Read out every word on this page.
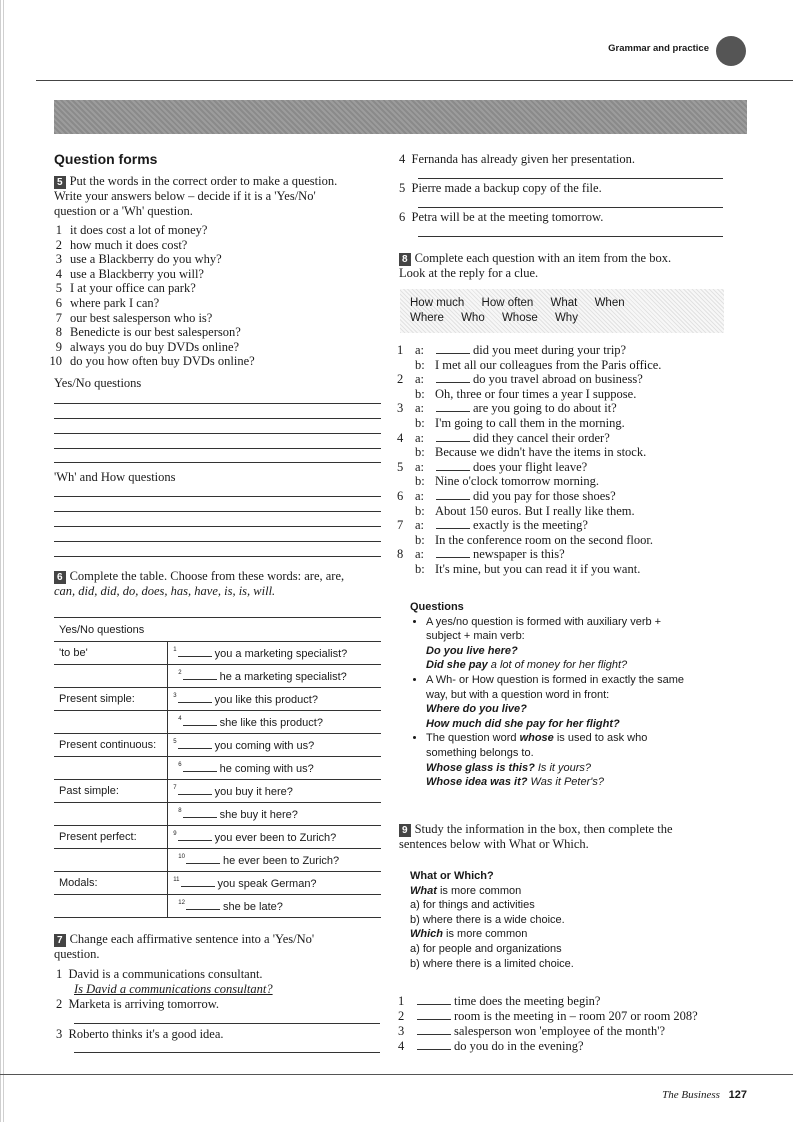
Grammar and practice
Question forms
5 Put the words in the correct order to make a question.
Write your answers below – decide if it is a 'Yes/No'
question or a 'Wh' question.
1 it does cost a lot of money?
2 how much it does cost?
3 use a Blackberry do you why?
4 use a Blackberry you will?
5 I at your office can park?
6 where park I can?
7 our best salesperson who is?
8 Benedicte is our best salesperson?
9 always you do buy DVDs online?
10 do you how often buy DVDs online?
Yes/No questions
'Wh' and How questions
6 Complete the table. Choose from these words: are, are,
can, did, did, do, does, has, have, is, is, will.
Yes/No questions	
'to be'	$^1$ you a marketing specialist?
	$^2$ he a marketing specialist?
Present simple:	$^3$ you like this product?
	$^4$ she like this product?
Present continuous:	$^5$ you coming with us?
	$^6$ he coming with us?
Past simple:	$^7$ you buy it here?
	$^8$ she buy it here?
Present perfect:	$^9$ you ever been to Zurich?
	$^{10}$ he ever been to Zurich?
Modals:	$^{11}$ you speak German?
	$^{12}$ she be late?
7 Change each affirmative sentence into a 'Yes/No'
question.
1 David is a communications consultant.
Is David a communications consultant?
2 Marketa is arriving tomorrow.
3 Roberto thinks it's a good idea.
4 Fernanda has already given her presentation.
5 Pierre made a backup copy of the file.
6 Petra will be at the meeting tomorrow.
8 Complete each question with an item from the box.
Look at the reply for a clue.
How much How often What When
Where Who Whose Why
1 a:	did you meet during your trip?
b: I met all our colleagues from the Paris office.
2 a:	do you travel abroad on business?
b: Oh, three or four times a year I suppose.
3 a:	are you going to do about it?
b: I'm going to call them in the morning.
4 a:	did they cancel their order?
b: Because we didn't have the items in stock.
5 a:	does your flight leave?
b: Nine o'clock tomorrow morning.
6 a:	did you pay for those shoes?
b: About 150 euros. But I really like them.
7 a:	exactly is the meeting?
b: In the conference room on the second floor.
8 a:	newspaper is this?
b: It's mine, but you can read it if you want.
Questions
• A yes/no question is formed with auxiliary verb +
subject + main verb:
Do you live here?
Did she pay a lot of money for her flight?
• A Wh- or How question is formed in exactly the same
way, but with a question word in front:
Where do you live?
How much did she pay for her flight?
• The question word whose is used to ask who
something belongs to.
Whose glass is this? Is it yours?
Whose idea was it? Was it Peter's?
9 Study the information in the box, then complete the
sentences below with What or Which.
What or Which?
What is more common
a) for things and activities
b) where there is a wide choice.
Which is more common
a) for people and organizations
b) where there is a limited choice.
1	time does the meeting begin?
2	room is the meeting in – room 207 or room 208?
3	salesperson won 'employee of the month'?
4	do you do in the evening?
The Business 127
